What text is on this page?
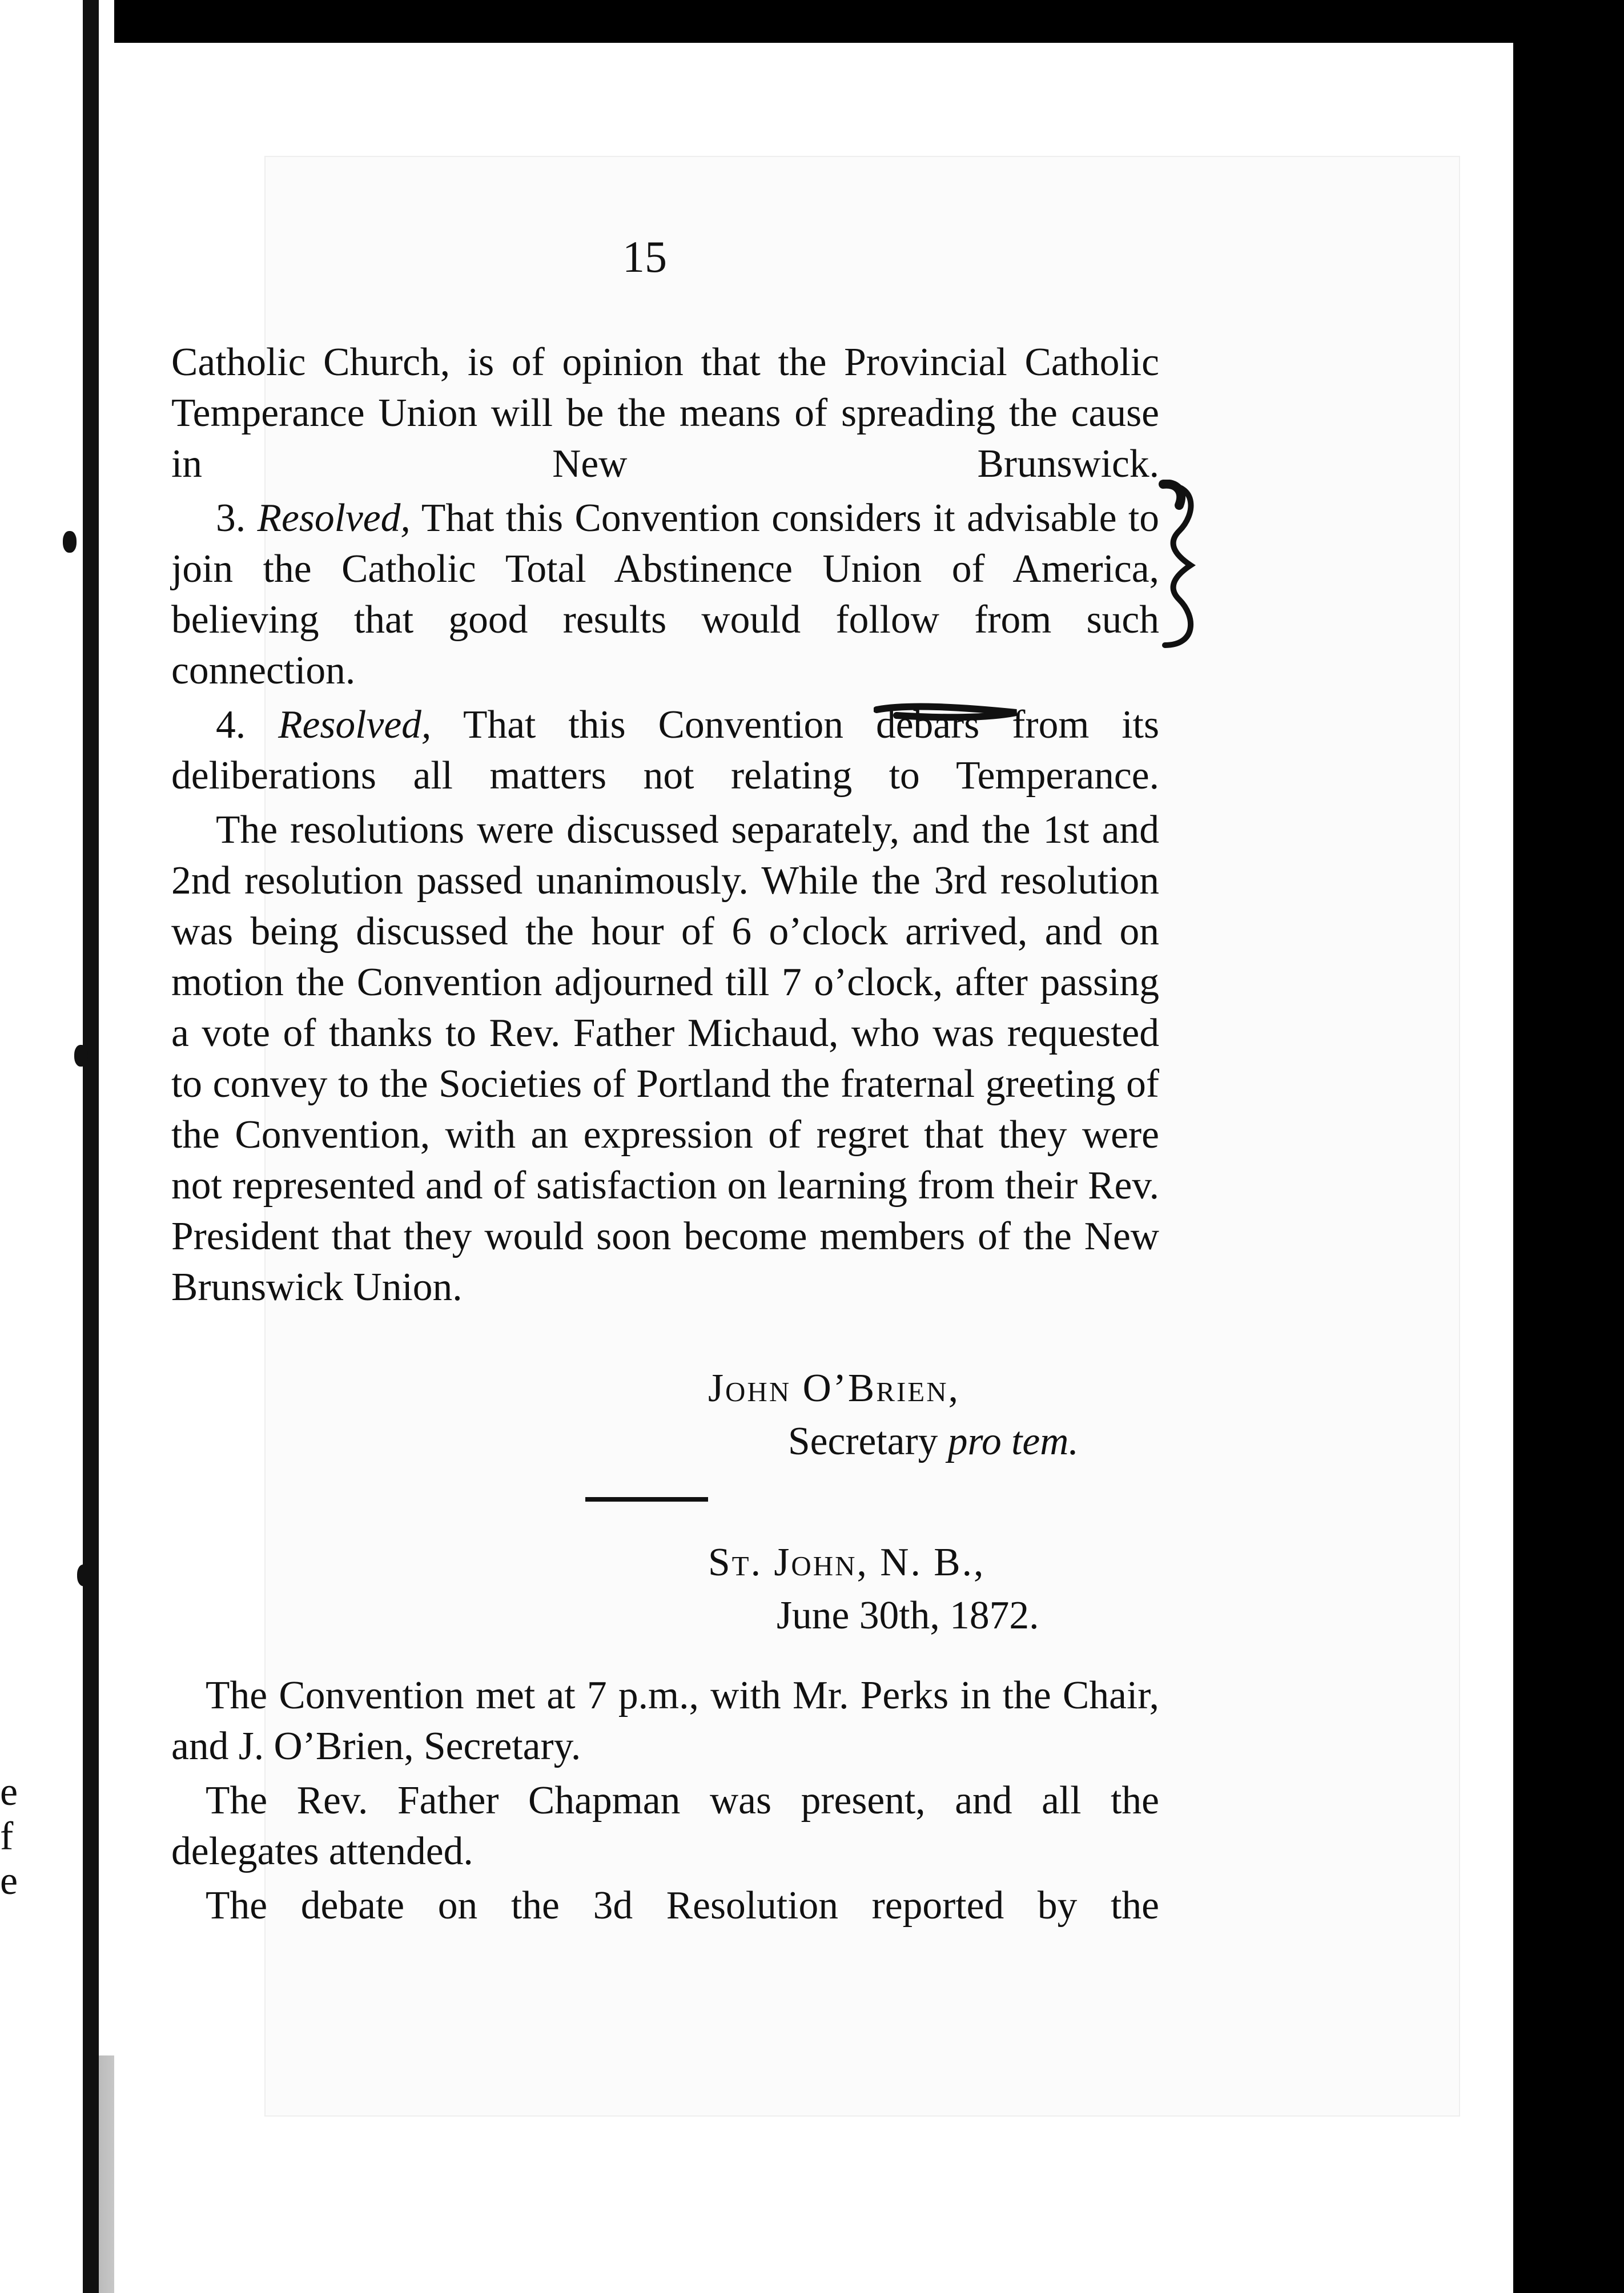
e
f
e
15

Catholic Church, is of opinion that the Provincial Catholic Temperance Union will be the means of spreading the cause in New Brunswick.

3. Resolved, That this Convention considers it advisable to join the Catholic Total Abstinence Union of America, believing that good results would follow from such connection.

4. Resolved, That this Convention debars from its deliberations all matters not relating to Temperance.

The resolutions were discussed separately, and the 1st and 2nd resolution passed unanimously. While the 3rd resolution was being discussed the hour of 6 o’clock arrived, and on motion the Convention adjourned till 7 o’clock, after passing a vote of thanks to Rev. Father Michaud, who was requested to convey to the Societies of Portland the fraternal greeting of the Convention, with an expression of regret that they were not represented and of satisfaction on learning from their Rev. President that they would soon become members of the New Brunswick Union.

John O’Brien,
Secretary pro tem.
St. John, N. B.,
June 30th, 1872.

The Convention met at 7 p.m., with Mr. Perks in the Chair, and J. O’Brien, Secretary.

The Rev. Father Chapman was present, and all the delegates attended.

The debate on the 3d Resolution reported by the
